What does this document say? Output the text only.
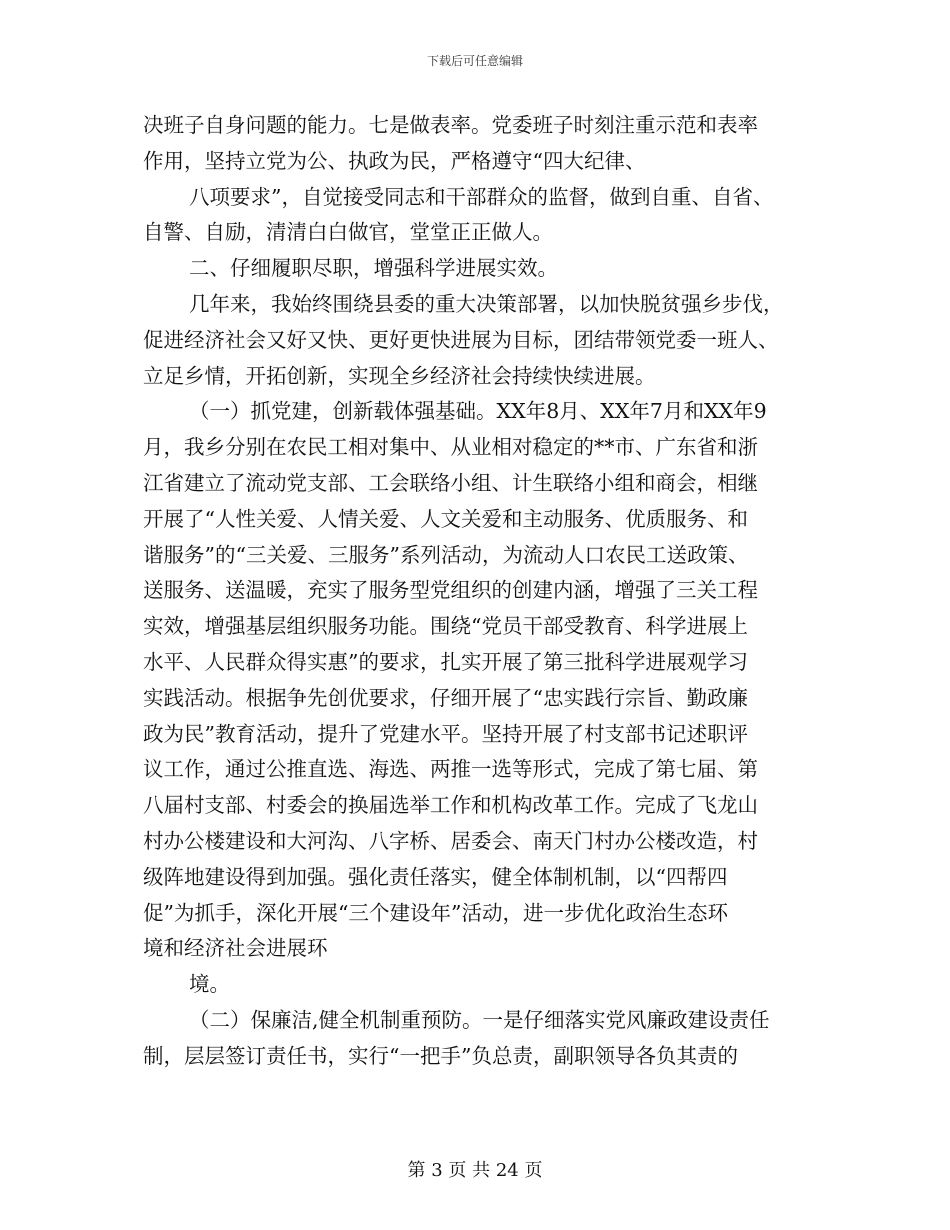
下载后可任意编辑
决班子自身问题的能力。七是做表率。党委班子时刻注重示范和表率
作用，坚持立党为公、执政为民，严格遵守“四大纪律、
八项要求”，自觉接受同志和干部群众的监督，做到自重、自省、
自警、自励，清清白白做官，堂堂正正做人。
二、仔细履职尽职，增强科学进展实效。
几年来，我始终围绕县委的重大决策部署，以加快脱贫强乡步伐，
促进经济社会又好又快、更好更快进展为目标，团结带领党委一班人、
立足乡情，开拓创新，实现全乡经济社会持续快续进展。
（一）抓党建，创新载体强基础。XX年8月、XX年7月和XX年9
月，我乡分别在农民工相对集中、从业相对稳定的**市、广东省和浙
江省建立了流动党支部、工会联络小组、计生联络小组和商会，相继
开展了“人性关爱、人情关爱、人文关爱和主动服务、优质服务、和
谐服务”的“三关爱、三服务”系列活动，为流动人口农民工送政策、
送服务、送温暖，充实了服务型党组织的创建内涵，增强了三关工程
实效，增强基层组织服务功能。围绕“党员干部受教育、科学进展上
水平、人民群众得实惠”的要求，扎实开展了第三批科学进展观学习
实践活动。根据争先创优要求，仔细开展了“忠实践行宗旨、勤政廉
政为民”教育活动，提升了党建水平。坚持开展了村支部书记述职评
议工作，通过公推直选、海选、两推一选等形式，完成了第七届、第
八届村支部、村委会的换届选举工作和机构改革工作。完成了飞龙山
村办公楼建设和大河沟、八字桥、居委会、南天门村办公楼改造，村
级阵地建设得到加强。强化责任落实，健全体制机制，以“四帮四
促”为抓手，深化开展“三个建设年”活动，进一步优化政治生态环
境和经济社会进展环
境。
（二）保廉洁,健全机制重预防。一是仔细落实党风廉政建设责任
制，层层签订责任书，实行“一把手”负总责，副职领导各负其责的
第 3 页 共 24 页
